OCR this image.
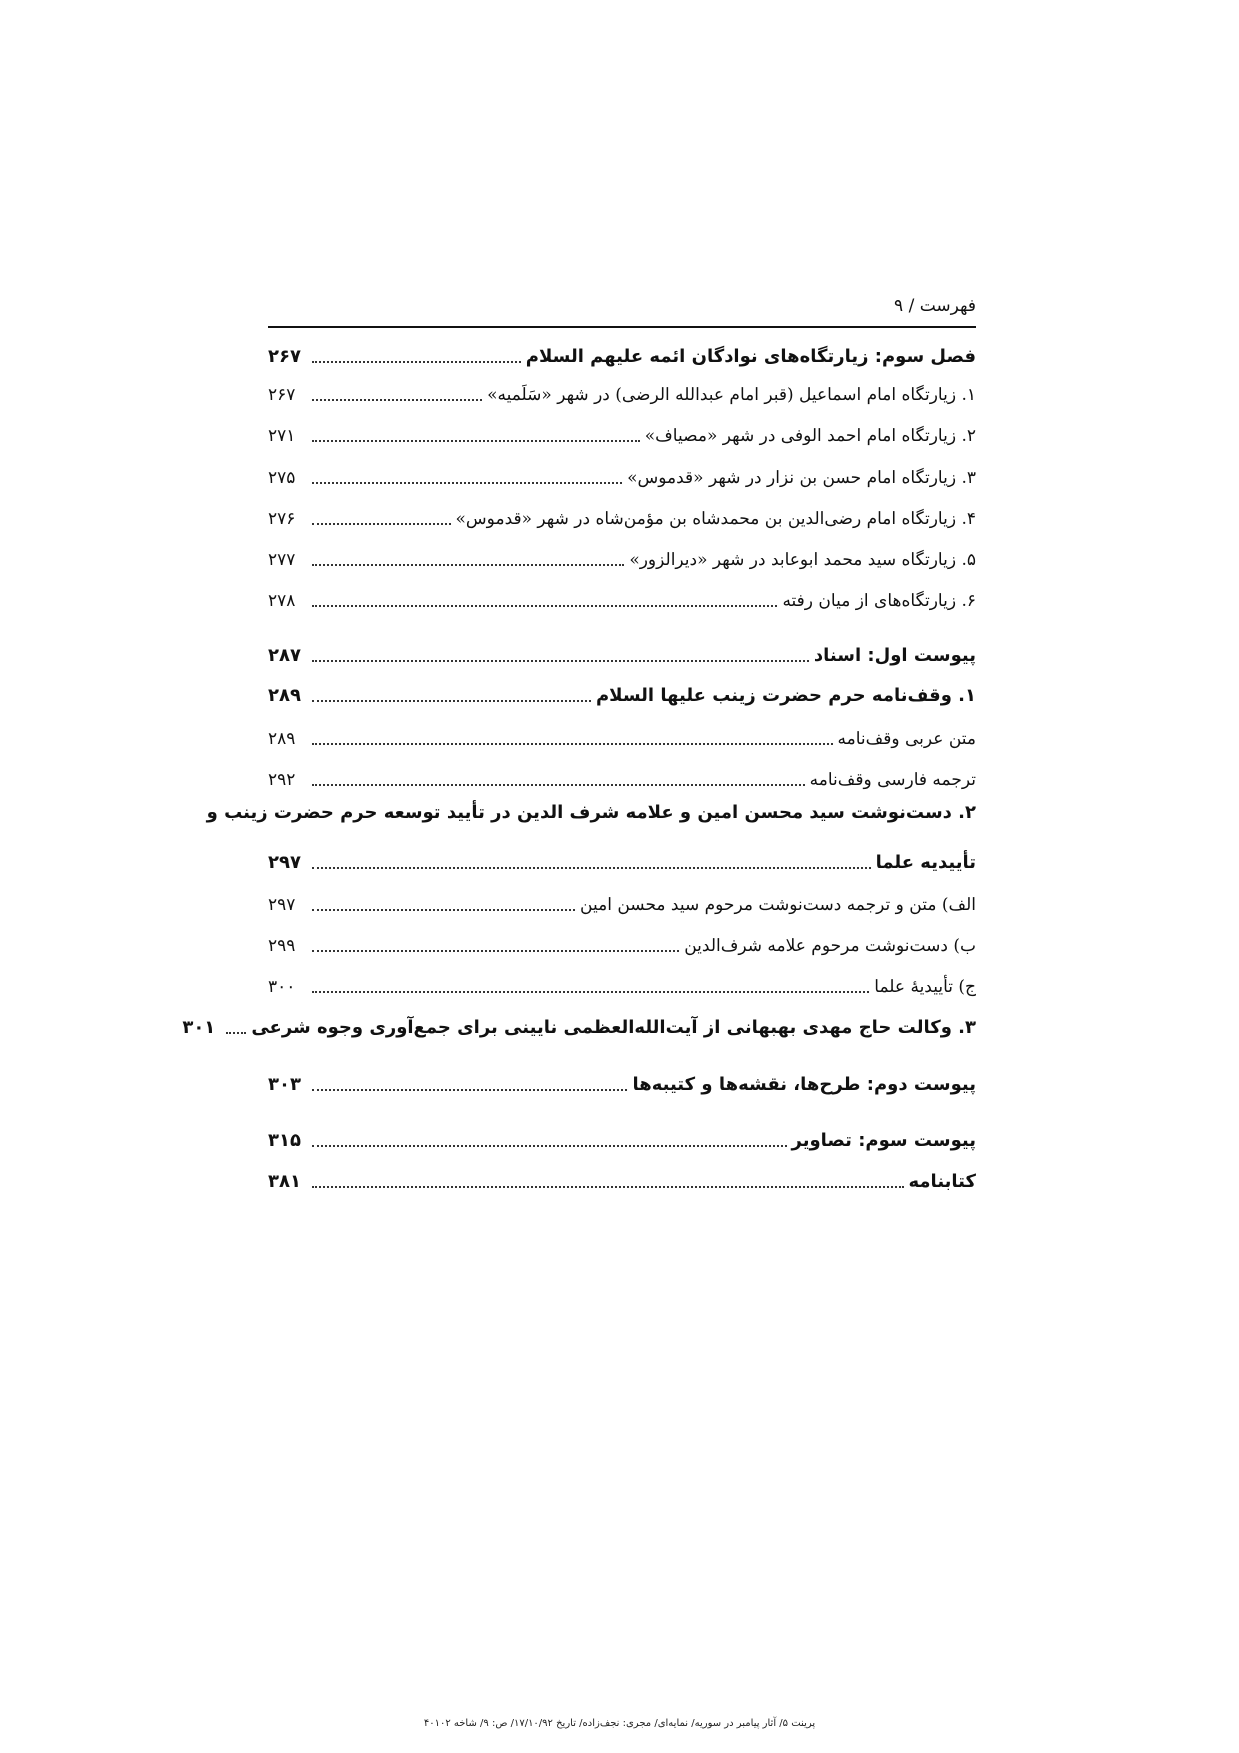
فهرست / ۹
فصل سوم: زیارتگاه‌های نوادگان ائمه علیهم السلام
۲۶۷
۱. زیارتگاه امام اسماعیل (قبر امام عبدالله الرضی) در شهر «سَلَمیه»
۲۶۷
۲. زیارتگاه امام احمد الوفی در شهر «مصیاف»
۲۷۱
۳. زیارتگاه امام حسن بن نزار در شهر «قدموس»
۲۷۵
۴. زیارتگاه امام رضی‌الدین بن محمدشاه بن مؤمن‌شاه در شهر «قدموس»
۲۷۶
۵. زیارتگاه سید محمد ابوعابد در شهر «دیرالزور»
۲۷۷
۶. زیارتگاه‌های از میان رفته
۲۷۸
پیوست اول: اسناد
۲۸۷
۱. وقف‌نامه حرم حضرت زینب علیها السلام
۲۸۹
متن عربی وقف‌نامه
۲۸۹
ترجمه فارسی وقف‌نامه
۲۹۲
۲. دست‌نوشت سید محسن امین و علامه شرف الدین در تأیید توسعه حرم حضرت زینب و
تأییدیه علما
۲۹۷
الف) متن و ترجمه دست‌نوشت مرحوم سید محسن امین
۲۹۷
ب) دست‌نوشت مرحوم علامه شرف‌الدین
۲۹۹
ج) تأییدیهٔ علما
۳۰۰
۳. وکالت حاج مهدی بهبهانی از آیت‌الله‌العظمی نایینی برای جمع‌آوری وجوه شرعی
۳۰۱
پیوست دوم: طرح‌ها، نقشه‌ها و کتیبه‌ها
۳۰۳
پیوست سوم: تصاویر
۳۱۵
کتابنامه
۳۸۱
پرینت ۵/ آثار پیامبر در سوریه/ نمایه‌ای/ مجری: نجف‌زاده/ تاریخ ۱۷/۱۰/۹۲/ ص: ۹/ شاخه ۴۰۱۰۲
